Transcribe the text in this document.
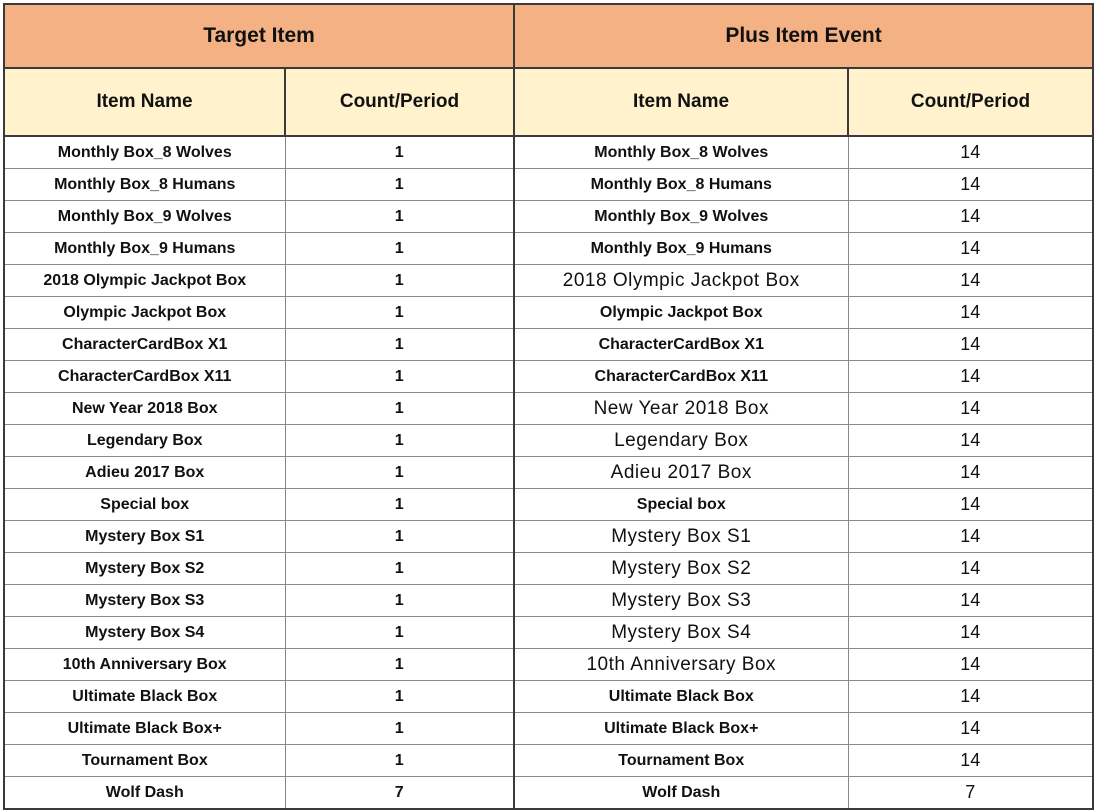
Target Item		Plus Item Event	
Item Name	Count/Period	Item Name	Count/Period
Monthly Box_8 Wolves	1	Monthly Box_8 Wolves	14
Monthly Box_8 Humans	1	Monthly Box_8 Humans	14
Monthly Box_9 Wolves	1	Monthly Box_9 Wolves	14
Monthly Box_9 Humans	1	Monthly Box_9 Humans	14
2018 Olympic Jackpot Box	1	2018 Olympic Jackpot Box	14
Olympic Jackpot Box	1	Olympic Jackpot Box	14
CharacterCardBox X1	1	CharacterCardBox X1	14
CharacterCardBox X11	1	CharacterCardBox X11	14
New Year 2018 Box	1	New Year 2018 Box	14
Legendary Box	1	Legendary Box	14
Adieu 2017 Box	1	Adieu 2017 Box	14
Special box	1	Special box	14
Mystery Box S1	1	Mystery Box S1	14
Mystery Box S2	1	Mystery Box S2	14
Mystery Box S3	1	Mystery Box S3	14
Mystery Box S4	1	Mystery Box S4	14
10th Anniversary Box	1	10th Anniversary Box	14
Ultimate Black Box	1	Ultimate Black Box	14
Ultimate Black Box+	1	Ultimate Black Box+	14
Tournament Box	1	Tournament Box	14
Wolf Dash	7	Wolf Dash	7
